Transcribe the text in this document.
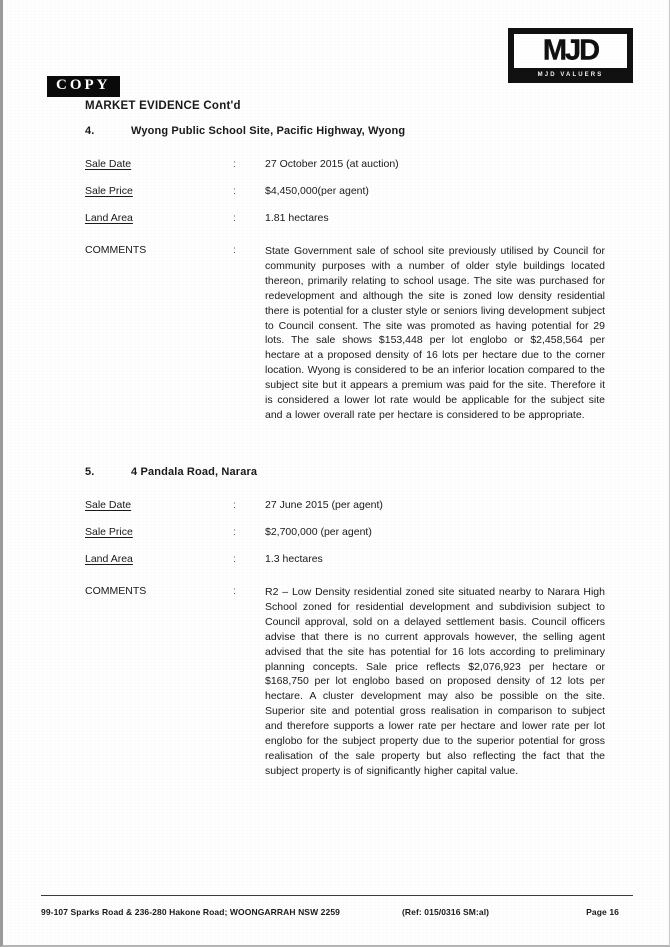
MJD
MJD VALUERS
COPY
MARKET EVIDENCE Cont'd
4.	Wyong Public School Site, Pacific Highway, Wyong
Sale Date	:	27 October 2015 (at auction)
Sale Price	:	$4,450,000(per agent)
Land Area	:	1.81 hectares
COMMENTS	:	State Government sale of school site previously utilised by Council for community purposes with a number of older style buildings located thereon, primarily relating to school usage. The site was purchased for redevelopment and although the site is zoned low density residential there is potential for a cluster style or seniors living development subject to Council consent. The site was promoted as having potential for 29 lots. The sale shows $153,448 per lot englobo or $2,458,564 per hectare at a proposed density of 16 lots per hectare due to the corner location. Wyong is considered to be an inferior location compared to the subject site but it appears a premium was paid for the site. Therefore it is considered a lower lot rate would be applicable for the subject site and a lower overall rate per hectare is considered to be appropriate.
5.	4 Pandala Road, Narara
Sale Date	:	27 June 2015 (per agent)
Sale Price	:	$2,700,000 (per agent)
Land Area	:	1.3 hectares
COMMENTS	:	R2 – Low Density residential zoned site situated nearby to Narara High School zoned for residential development and subdivision subject to Council approval, sold on a delayed settlement basis. Council officers advise that there is no current approvals however, the selling agent advised that the site has potential for 16 lots according to preliminary planning concepts. Sale price reflects $2,076,923 per hectare or $168,750 per lot englobo based on proposed density of 12 lots per hectare. A cluster development may also be possible on the site. Superior site and potential gross realisation in comparison to subject and therefore supports a lower rate per hectare and lower rate per lot englobo for the subject property due to the superior potential for gross realisation of the sale property but also reflecting the fact that the subject property is of significantly higher capital value.
99-107 Sparks Road & 236-280 Hakone Road; WOONGARRAH NSW 2259	(Ref: 015/0316 SM:al)	Page 16
